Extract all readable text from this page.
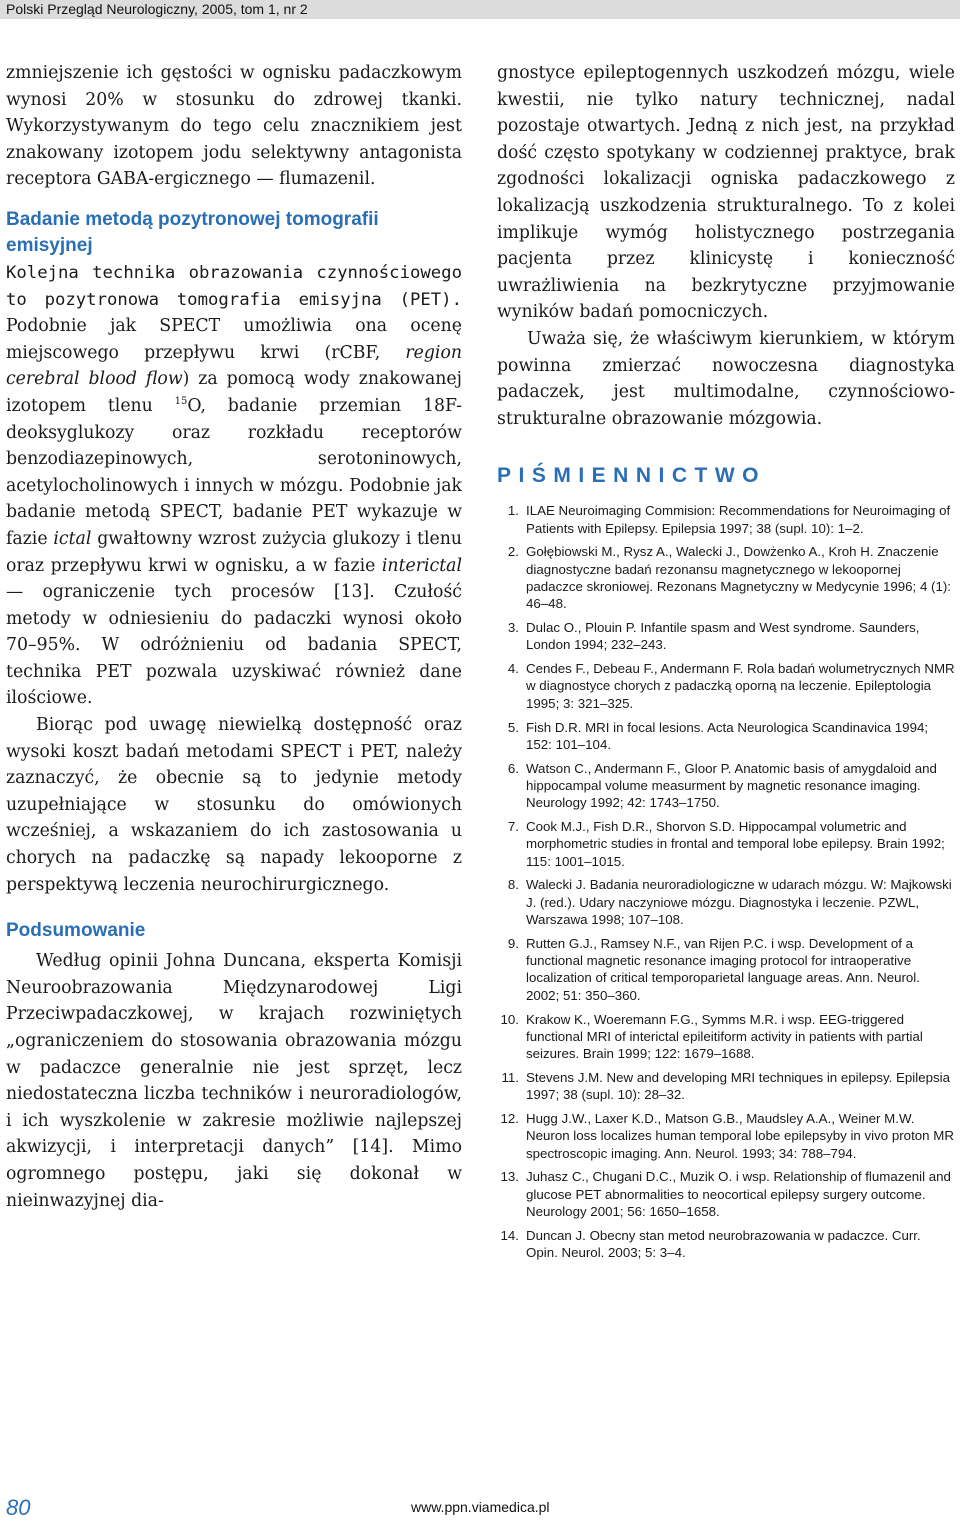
Polski Przegląd Neurologiczny, 2005, tom 1, nr 2

zmniejszenie ich gęstości w ognisku padaczkowym wynosi 20% w stosunku do zdrowej tkanki. Wykorzystywanym do tego celu znacznikiem jest znakowany izotopem jodu selektywny antagonista receptora GABA-ergicznego — flumazenil.

Badanie metodą pozytronowej tomografii emisyjnej

Kolejna technika obrazowania czynnościowego to pozytronowa tomografia emisyjna (PET). Podobnie jak SPECT umożliwia ona ocenę miejscowego przepływu krwi (rCBF, region cerebral blood flow) za pomocą wody znakowanej izotopem tlenu $^{15}$O, badanie przemian 18F-deoksyglukozy oraz rozkładu receptorów benzodiazepinowych, serotoninowych, acetylocholinowych i innych w mózgu. Podobnie jak badanie metodą SPECT, badanie PET wykazuje w fazie ictal gwałtowny wzrost zużycia glukozy i tlenu oraz przepływu krwi w ognisku, a w fazie interictal — ograniczenie tych procesów [13]. Czułość metody w odniesieniu do padaczki wynosi około 70–95%. W odróżnieniu od badania SPECT, technika PET pozwala uzyskiwać również dane ilościowe.

Biorąc pod uwagę niewielką dostępność oraz wysoki koszt badań metodami SPECT i PET, należy zaznaczyć, że obecnie są to jedynie metody uzupełniające w stosunku do omówionych wcześniej, a wskazaniem do ich zastosowania u chorych na padaczkę są napady lekooporne z perspektywą leczenia neurochirurgicznego.

Podsumowanie

Według opinii Johna Duncana, eksperta Komisji Neuroobrazowania Międzynarodowej Ligi Przeciwpadaczkowej, w krajach rozwiniętych „ograniczeniem do stosowania obrazowania mózgu w padaczce generalnie nie jest sprzęt, lecz niedostateczna liczba techników i neuroradiologów, i ich wyszkolenie w zakresie możliwie najlepszej akwizycji, i interpretacji danych” [14]. Mimo ogromnego postępu, jaki się dokonał w nieinwazyjnej dia-

gnostyce epileptogennych uszkodzeń mózgu, wiele kwestii, nie tylko natury technicznej, nadal pozostaje otwartych. Jedną z nich jest, na przykład dość często spotykany w codziennej praktyce, brak zgodności lokalizacji ogniska padaczkowego z lokalizacją uszkodzenia strukturalnego. To z kolei implikuje wymóg holistycznego postrzegania pacjenta przez klinicystę i konieczność uwrażliwienia na bezkrytyczne przyjmowanie wyników badań pomocniczych.

Uważa się, że właściwym kierunkiem, w którym powinna zmierzać nowoczesna diagnostyka padaczek, jest multimodalne, czynnościowo-strukturalne obrazowanie mózgowia.

PIŚMIENNICTWO
1. ILAE Neuroimaging Commision: Recommendations for Neuroimaging of Patients with Epilepsy. Epilepsia 1997; 38 (supl. 10): 1–2.
2. Gołębiowski M., Rysz A., Walecki J., Dowżenko A., Kroh H. Znaczenie diagnostyczne badań rezonansu magnetycznego w lekoopornej padaczce skroniowej. Rezonans Magnetyczny w Medycynie 1996; 4 (1): 46–48.
3. Dulac O., Plouin P. Infantile spasm and West syndrome. Saunders, London 1994; 232–243.
4. Cendes F., Debeau F., Andermann F. Rola badań wolumetrycznych NMR w diagnostyce chorych z padaczką oporną na leczenie. Epileptologia 1995; 3: 321–325.
5. Fish D.R. MRI in focal lesions. Acta Neurologica Scandinavica 1994; 152: 101–104.
6. Watson C., Andermann F., Gloor P. Anatomic basis of amygdaloid and hippocampal volume measurment by magnetic resonance imaging. Neurology 1992; 42: 1743–1750.
7. Cook M.J., Fish D.R., Shorvon S.D. Hippocampal volumetric and morphometric studies in frontal and temporal lobe epilepsy. Brain 1992; 115: 1001–1015.
8. Walecki J. Badania neuroradiologiczne w udarach mózgu. W: Majkowski J. (red.). Udary naczyniowe mózgu. Diagnostyka i leczenie. PZWL, Warszawa 1998; 107–108.
9. Rutten G.J., Ramsey N.F., van Rijen P.C. i wsp. Development of a functional magnetic resonance imaging protocol for intraoperative localization of critical temporoparietal language areas. Ann. Neurol. 2002; 51: 350–360.
10. Krakow K., Woeremann F.G., Symms M.R. i wsp. EEG-triggered functional MRI of interictal epileitiform activity in patients with partial seizures. Brain 1999; 122: 1679–1688.
11. Stevens J.M. New and developing MRI techniques in epilepsy. Epilepsia 1997; 38 (supl. 10): 28–32.
12. Hugg J.W., Laxer K.D., Matson G.B., Maudsley A.A., Weiner M.W. Neuron loss localizes human temporal lobe epilepsyby in vivo proton MR spectroscopic imaging. Ann. Neurol. 1993; 34: 788–794.
13. Juhasz C., Chugani D.C., Muzik O. i wsp. Relationship of flumazenil and glucose PET abnormalities to neocortical epilepsy surgery outcome. Neurology 2001; 56: 1650–1658.
14. Duncan J. Obecny stan metod neurobrazowania w padaczce. Curr. Opin. Neurol. 2003; 5: 3–4.
80	www.ppn.viamedica.pl
